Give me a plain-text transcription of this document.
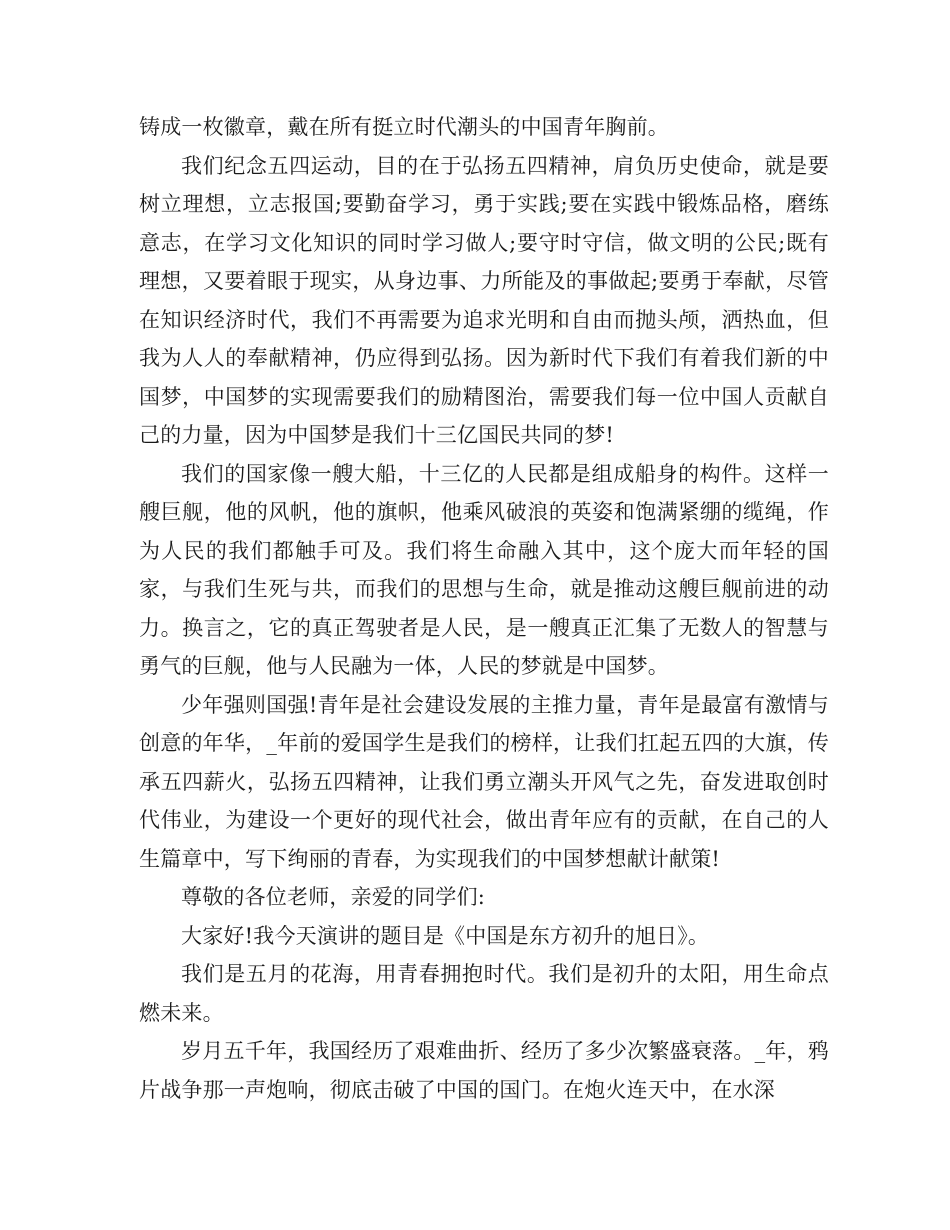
铸成一枚徽章，戴在所有挺立时代潮头的中国青年胸前。

我们纪念五四运动，目的在于弘扬五四精神，肩负历史使命，就是要树立理想，立志报国;要勤奋学习，勇于实践;要在实践中锻炼品格，磨练意志，在学习文化知识的同时学习做人;要守时守信，做文明的公民;既有理想，又要着眼于现实，从身边事、力所能及的事做起;要勇于奉献，尽管在知识经济时代，我们不再需要为追求光明和自由而抛头颅，洒热血，但我为人人的奉献精神，仍应得到弘扬。因为新时代下我们有着我们新的中国梦，中国梦的实现需要我们的励精图治，需要我们每一位中国人贡献自己的力量，因为中国梦是我们十三亿国民共同的梦!

我们的国家像一艘大船，十三亿的人民都是组成船身的构件。这样一艘巨舰，他的风帆，他的旗帜，他乘风破浪的英姿和饱满紧绷的缆绳，作为人民的我们都触手可及。我们将生命融入其中，这个庞大而年轻的国家，与我们生死与共，而我们的思想与生命，就是推动这艘巨舰前进的动力。换言之，它的真正驾驶者是人民，是一艘真正汇集了无数人的智慧与勇气的巨舰，他与人民融为一体，人民的梦就是中国梦。

少年强则国强!青年是社会建设发展的主推力量，青年是最富有激情与创意的年华，_年前的爱国学生是我们的榜样，让我们扛起五四的大旗，传承五四薪火，弘扬五四精神，让我们勇立潮头开风气之先，奋发进取创时代伟业，为建设一个更好的现代社会，做出青年应有的贡献，在自己的人生篇章中，写下绚丽的青春，为实现我们的中国梦想献计献策!

尊敬的各位老师，亲爱的同学们:

大家好!我今天演讲的题目是《中国是东方初升的旭日》。

我们是五月的花海，用青春拥抱时代。我们是初升的太阳，用生命点燃未来。

岁月五千年，我国经历了艰难曲折、经历了多少次繁盛衰落。_年，鸦片战争那一声炮响，彻底击破了中国的国门。在炮火连天中，在水深
